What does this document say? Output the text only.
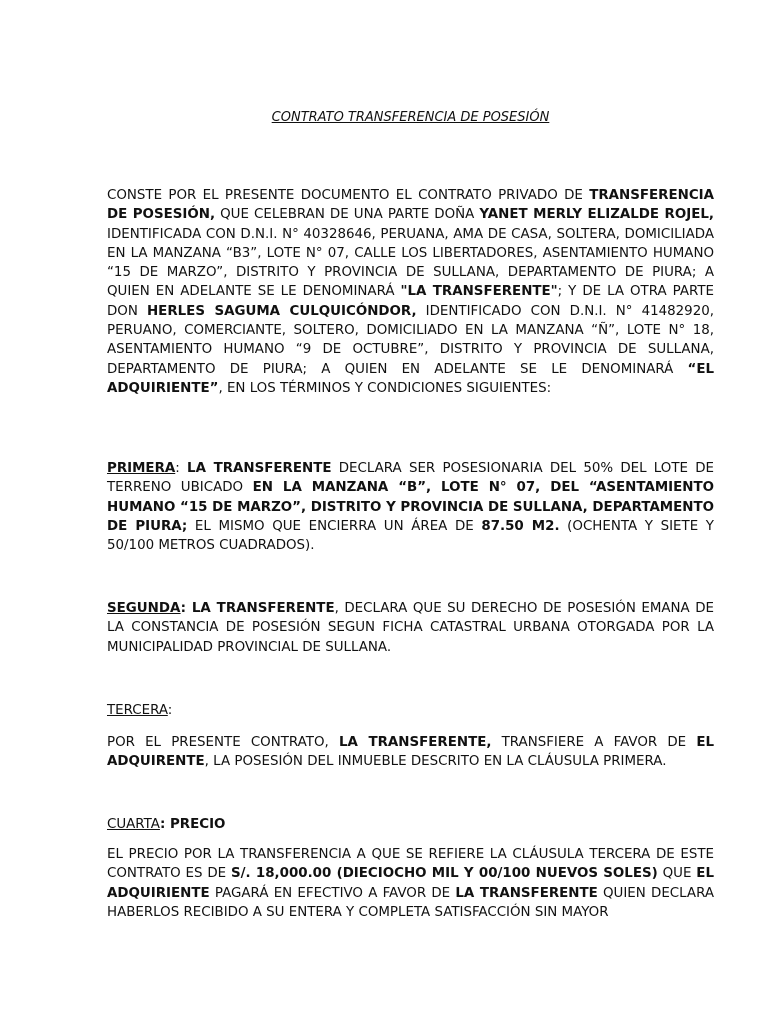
CONTRATO TRANSFERENCIA DE POSESIÓN

CONSTE POR EL PRESENTE DOCUMENTO EL CONTRATO PRIVADO DE TRANSFERENCIA DE POSESIÓN, QUE CELEBRAN DE UNA PARTE DOÑA YANET MERLY ELIZALDE ROJEL, IDENTIFICADA CON D.N.I. N° 40328646, PERUANA, AMA DE CASA, SOLTERA, DOMICILIADA EN LA MANZANA “B3”, LOTE N° 07, CALLE LOS LIBERTADORES, ASENTAMIENTO HUMANO “15 DE MARZO”, DISTRITO Y PROVINCIA DE SULLANA, DEPARTAMENTO DE PIURA; A QUIEN EN ADELANTE SE LE DENOMINARÁ "LA TRANSFERENTE"; Y DE LA OTRA PARTE DON HERLES SAGUMA CULQUICÓNDOR, IDENTIFICADO CON D.N.I. N° 41482920, PERUANO, COMERCIANTE, SOLTERO, DOMICILIADO EN LA MANZANA “Ñ”, LOTE N° 18, ASENTAMIENTO HUMANO “9 DE OCTUBRE”, DISTRITO Y PROVINCIA DE SULLANA, DEPARTAMENTO DE PIURA; A QUIEN EN ADELANTE SE LE DENOMINARÁ “EL ADQUIRIENTE”, EN LOS TÉRMINOS Y CONDICIONES SIGUIENTES:

PRIMERA: LA TRANSFERENTE DECLARA SER POSESIONARIA DEL 50% DEL LOTE DE TERRENO UBICADO EN LA MANZANA “B”, LOTE N° 07, DEL “ASENTAMIENTO HUMANO “15 DE MARZO”, DISTRITO Y PROVINCIA DE SULLANA, DEPARTAMENTO DE PIURA; EL MISMO QUE ENCIERRA UN ÁREA DE 87.50 M2. (OCHENTA Y SIETE Y 50/100 METROS CUADRADOS).

SEGUNDA: LA TRANSFERENTE, DECLARA QUE SU DERECHO DE POSESIÓN EMANA DE LA CONSTANCIA DE POSESIÓN SEGUN FICHA CATASTRAL URBANA OTORGADA POR LA MUNICIPALIDAD PROVINCIAL DE SULLANA.

TERCERA:

POR EL PRESENTE CONTRATO, LA TRANSFERENTE, TRANSFIERE A FAVOR DE EL ADQUIRENTE, LA POSESIÓN DEL INMUEBLE DESCRITO EN LA CLÁUSULA PRIMERA.

CUARTA: PRECIO

EL PRECIO POR LA TRANSFERENCIA A QUE SE REFIERE LA CLÁUSULA TERCERA DE ESTE CONTRATO ES DE S/. 18,000.00 (DIECIOCHO MIL Y 00/100 NUEVOS SOLES) QUE EL ADQUIRIENTE PAGARÁ EN EFECTIVO A FAVOR DE LA TRANSFERENTE QUIEN DECLARA HABERLOS RECIBIDO A SU ENTERA Y COMPLETA SATISFACCIÓN SIN MAYOR
